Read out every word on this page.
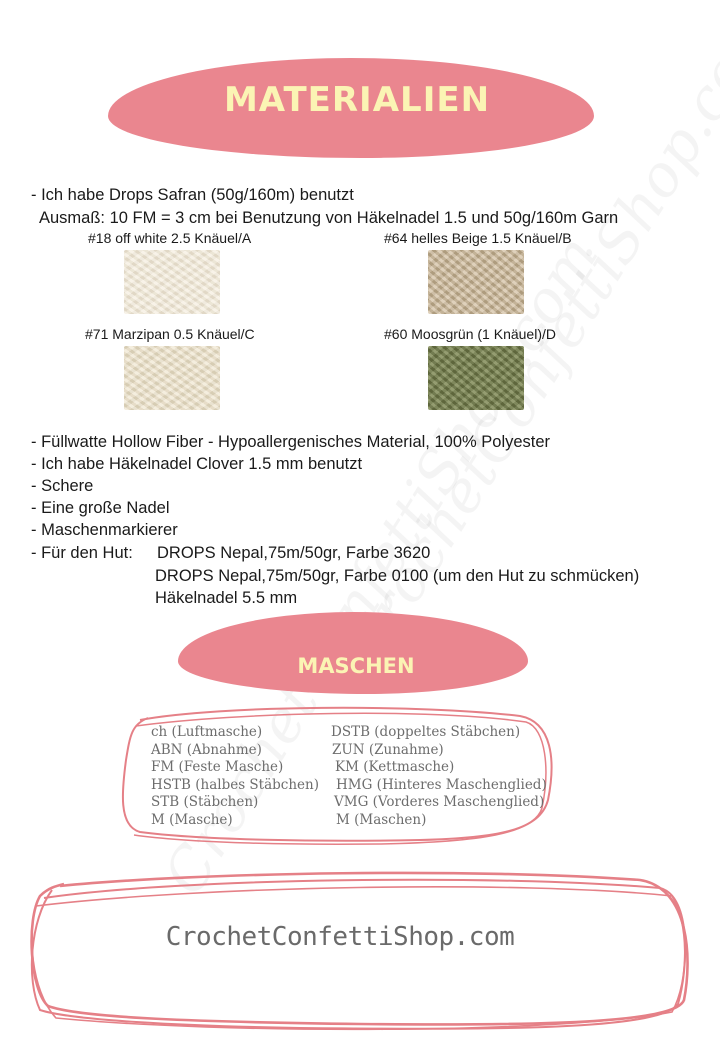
MATERIALIEN
- Ich habe Drops Safran (50g/160m) benutzt
Ausmaß: 10 FM = 3 cm bei Benutzung von Häkelnadel 1.5 und 50g/160m Garn
#18 off white 2.5 Knäuel/A	#64 helles Beige 1.5 Knäuel/B
#71 Marzipan 0.5 Knäuel/C	#60 Moosgrün (1 Knäuel)/D
- Füllwatte Hollow Fiber - Hypoallergenisches Material, 100% Polyester
- Ich habe Häkelnadel Clover 1.5 mm benutzt
- Schere
- Eine große Nadel
- Maschenmarkierer
- Für den Hut: DROPS Nepal,75m/50gr, Farbe 3620
DROPS Nepal,75m/50gr, Farbe 0100 (um den Hut zu schmücken)
Häkelnadel 5.5 mm
MASCHEN
ch (Luftmasche)
ABN (Abnahme)
FM (Feste Masche)
HSTB (halbes Stäbchen)
STB (Stäbchen)
M (Masche)
DSTB (doppeltes Stäbchen)
ZUN (Zunahme)
KM (Kettmasche)
HMG (Hinteres Maschenglied)
VMG (Vorderes Maschenglied)
M (Maschen)
CrochetConfettiShop.com
